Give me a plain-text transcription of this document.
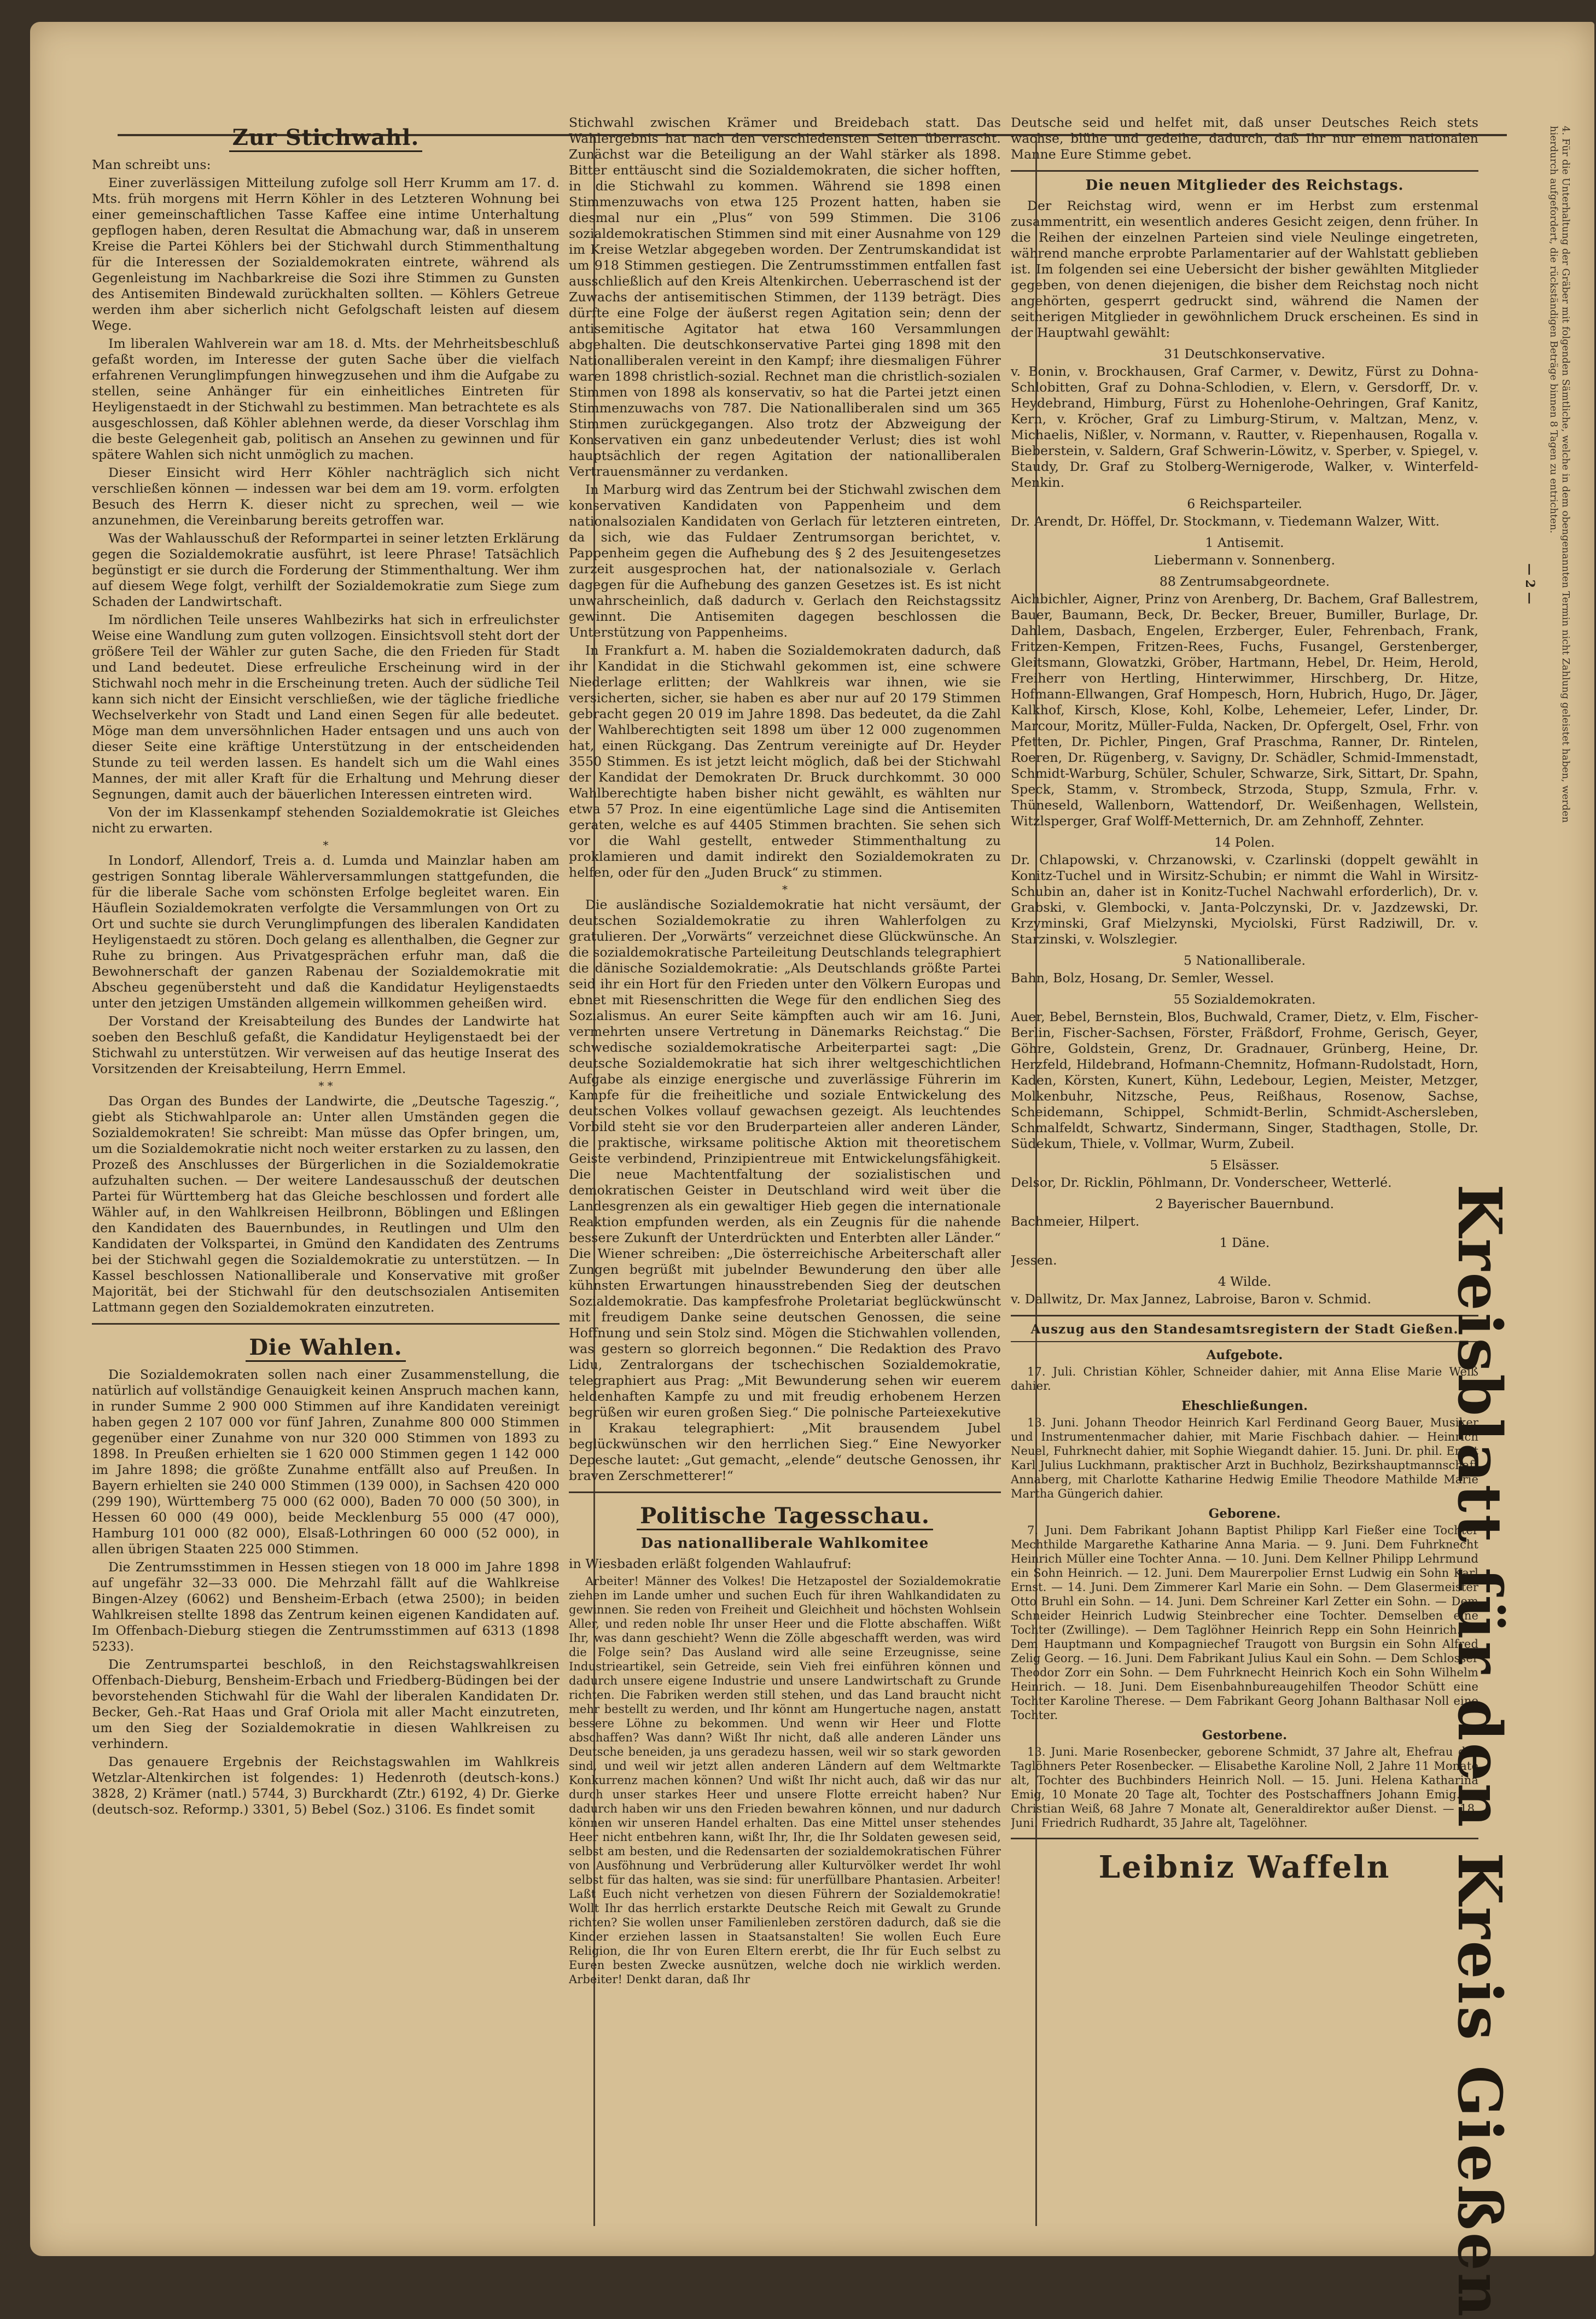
Zur Stichwahl.

Man schreibt uns:

Einer zuverlässigen Mitteilung zufolge soll Herr Krumm am 17. d. Mts. früh morgens mit Herrn Köhler in des Letzteren Wohnung bei einer gemeinschaftlichen Tasse Kaffee eine intime Unterhaltung gepflogen haben, deren Resultat die Abmachung war, daß in unserem Kreise die Partei Köhlers bei der Stichwahl durch Stimmenthaltung für die Interessen der Sozialdemokraten eintrete, während als Gegenleistung im Nachbarkreise die Sozi ihre Stimmen zu Gunsten des Antisemiten Bindewald zurückhalten sollten. — Köhlers Getreue werden ihm aber sicherlich nicht Gefolgschaft leisten auf diesem Wege.

Im liberalen Wahlverein war am 18. d. Mts. der Mehrheitsbeschluß gefaßt worden, im Interesse der guten Sache über die vielfach erfahrenen Verunglimpfungen hinwegzusehen und ihm die Aufgabe zu stellen, seine Anhänger für ein einheitliches Eintreten für Heyligenstaedt in der Stichwahl zu bestimmen. Man betrachtete es als ausgeschlossen, daß Köhler ablehnen werde, da dieser Vorschlag ihm die beste Gelegenheit gab, politisch an Ansehen zu gewinnen und für spätere Wahlen sich nicht unmöglich zu machen.

Dieser Einsicht wird Herr Köhler nachträglich sich nicht verschließen können — indessen war bei dem am 19. vorm. erfolgten Besuch des Herrn K. dieser nicht zu sprechen, weil — wie anzunehmen, die Vereinbarung bereits getroffen war.

Was der Wahlausschuß der Reformpartei in seiner letzten Erklärung gegen die Sozialdemokratie ausführt, ist leere Phrase! Tatsächlich begünstigt er sie durch die Forderung der Stimmenthaltung. Wer ihm auf diesem Wege folgt, verhilft der Sozialdemokratie zum Siege zum Schaden der Landwirtschaft.

Im nördlichen Teile unseres Wahlbezirks hat sich in erfreulichster Weise eine Wandlung zum guten vollzogen. Einsichtsvoll steht dort der größere Teil der Wähler zur guten Sache, die den Frieden für Stadt und Land bedeutet. Diese erfreuliche Erscheinung wird in der Stichwahl noch mehr in die Erscheinung treten. Auch der südliche Teil kann sich nicht der Einsicht verschließen, wie der tägliche friedliche Wechselverkehr von Stadt und Land einen Segen für alle bedeutet. Möge man dem unversöhnlichen Hader entsagen und uns auch von dieser Seite eine kräftige Unterstützung in der entscheidenden Stunde zu teil werden lassen. Es handelt sich um die Wahl eines Mannes, der mit aller Kraft für die Erhaltung und Mehrung dieser Segnungen, damit auch der bäuerlichen Interessen eintreten wird.

Von der im Klassenkampf stehenden Sozialdemokratie ist Gleiches nicht zu erwarten.

*

In Londorf, Allendorf, Treis a. d. Lumda und Mainzlar haben am gestrigen Sonntag liberale Wählerversammlungen stattgefunden, die für die liberale Sache vom schönsten Erfolge begleitet waren. Ein Häuflein Sozialdemokraten verfolgte die Versammlungen von Ort zu Ort und suchte sie durch Verunglimpfungen des liberalen Kandidaten Heyligenstaedt zu stören. Doch gelang es allenthalben, die Gegner zur Ruhe zu bringen. Aus Privatgesprächen erfuhr man, daß die Bewohnerschaft der ganzen Rabenau der Sozialdemokratie mit Abscheu gegenübersteht und daß die Kandidatur Heyligenstaedts unter den jetzigen Umständen allgemein willkommen geheißen wird.

Der Vorstand der Kreisabteilung des Bundes der Landwirte hat soeben den Beschluß gefaßt, die Kandidatur Heyligenstaedt bei der Stichwahl zu unterstützen. Wir verweisen auf das heutige Inserat des Vorsitzenden der Kreisabteilung, Herrn Emmel.

* *

Das Organ des Bundes der Landwirte, die „Deutsche Tageszig.“, giebt als Stichwahlparole an: Unter allen Umständen gegen die Sozialdemokraten! Sie schreibt: Man müsse das Opfer bringen, um, um die Sozialdemokratie nicht noch weiter erstarken zu zu lassen, den Prozeß des Anschlusses der Bürgerlichen in die Sozialdemokratie aufzuhalten suchen. — Der weitere Landesausschuß der deutschen Partei für Württemberg hat das Gleiche beschlossen und fordert alle Wähler auf, in den Wahlkreisen Heilbronn, Böblingen und Eßlingen den Kandidaten des Bauernbundes, in Reutlingen und Ulm den Kandidaten der Volkspartei, in Gmünd den Kandidaten des Zentrums bei der Stichwahl gegen die Sozialdemokratie zu unterstützen. — In Kassel beschlossen Nationalliberale und Konservative mit großer Majorität, bei der Stichwahl für den deutschsozialen Antisemiten Lattmann gegen den Sozialdemokraten einzutreten.

Die Wahlen.

Die Sozialdemokraten sollen nach einer Zusammenstellung, die natürlich auf vollständige Genauigkeit keinen Anspruch machen kann, in runder Summe 2 900 000 Stimmen auf ihre Kandidaten vereinigt haben gegen 2 107 000 vor fünf Jahren, Zunahme 800 000 Stimmen gegenüber einer Zunahme von nur 320 000 Stimmen von 1893 zu 1898. In Preußen erhielten sie 1 620 000 Stimmen gegen 1 142 000 im Jahre 1898; die größte Zunahme entfällt also auf Preußen. In Bayern erhielten sie 240 000 Stimmen (139 000), in Sachsen 420 000 (299 190), Württemberg 75 000 (62 000), Baden 70 000 (50 300), in Hessen 60 000 (49 000), beide Mecklenburg 55 000 (47 000), Hamburg 101 000 (82 000), Elsaß-Lothringen 60 000 (52 000), in allen übrigen Staaten 225 000 Stimmen.

Die Zentrumsstimmen in Hessen stiegen von 18 000 im Jahre 1898 auf ungefähr 32—33 000. Die Mehrzahl fällt auf die Wahlkreise Bingen-Alzey (6062) und Bensheim-Erbach (etwa 2500); in beiden Wahlkreisen stellte 1898 das Zentrum keinen eigenen Kandidaten auf. Im Offenbach-Dieburg stiegen die Zentrumsstimmen auf 6313 (1898 5233).

Die Zentrumspartei beschloß, in den Reichstagswahlkreisen Offenbach-Dieburg, Bensheim-Erbach und Friedberg-Büdingen bei der bevorstehenden Stichwahl für die Wahl der liberalen Kandidaten Dr. Becker, Geh.-Rat Haas und Graf Oriola mit aller Macht einzutreten, um den Sieg der Sozialdemokratie in diesen Wahlkreisen zu verhindern.

Das genauere Ergebnis der Reichstagswahlen im Wahlkreis Wetzlar-Altenkirchen ist folgendes: 1) Hedenroth (deutsch-kons.) 3828, 2) Krämer (natl.) 5744, 3) Burckhardt (Ztr.) 6192, 4) Dr. Gierke (deutsch-soz. Reformp.) 3301, 5) Bebel (Soz.) 3106. Es findet somit

Stichwahl zwischen Krämer und Breidebach statt. Das Wahlergebnis hat nach den verschiedensten Seiten überrascht. Zunächst war die Beteiligung an der Wahl stärker als 1898. Bitter enttäuscht sind die Sozialdemokraten, die sicher hofften, in die Stichwahl zu kommen. Während sie 1898 einen Stimmenzuwachs von etwa 125 Prozent hatten, haben sie diesmal nur ein „Plus“ von 599 Stimmen. Die 3106 sozialdemokratischen Stimmen sind mit einer Ausnahme von 129 im Kreise Wetzlar abgegeben worden. Der Zentrumskandidat ist um 918 Stimmen gestiegen. Die Zentrumsstimmen entfallen fast ausschließlich auf den Kreis Altenkirchen. Ueberraschend ist der Zuwachs der antisemitischen Stimmen, der 1139 beträgt. Dies dürfte eine Folge der äußerst regen Agitation sein; denn der antisemitische Agitator hat etwa 160 Versammlungen abgehalten. Die deutschkonservative Partei ging 1898 mit den Nationalliberalen vereint in den Kampf; ihre diesmaligen Führer waren 1898 christlich-sozial. Rechnet man die christlich-sozialen Stimmen von 1898 als konservativ, so hat die Partei jetzt einen Stimmenzuwachs von 787. Die Nationalliberalen sind um 365 Stimmen zurückgegangen. Also trotz der Abzweigung der Konservativen ein ganz unbedeutender Verlust; dies ist wohl hauptsächlich der regen Agitation der nationalliberalen Vertrauensmänner zu verdanken.

In Marburg wird das Zentrum bei der Stichwahl zwischen dem konservativen Kandidaten von Pappenheim und dem nationalsozialen Kandidaten von Gerlach für letzteren eintreten, da sich, wie das Fuldaer Zentrumsorgan berichtet, v. Pappenheim gegen die Aufhebung des § 2 des Jesuitengesetzes zurzeit ausgesprochen hat, der nationalsoziale v. Gerlach dagegen für die Aufhebung des ganzen Gesetzes ist. Es ist nicht unwahrscheinlich, daß dadurch v. Gerlach den Reichstagssitz gewinnt. Die Antisemiten dagegen beschlossen die Unterstützung von Pappenheims.

In Frankfurt a. M. haben die Sozialdemokraten dadurch, daß ihr Kandidat in die Stichwahl gekommen ist, eine schwere Niederlage erlitten; der Wahlkreis war ihnen, wie sie versicherten, sicher, sie haben es aber nur auf 20 179 Stimmen gebracht gegen 20 019 im Jahre 1898. Das bedeutet, da die Zahl der Wahlberechtigten seit 1898 um über 12 000 zugenommen hat, einen Rückgang. Das Zentrum vereinigte auf Dr. Heyder 3550 Stimmen. Es ist jetzt leicht möglich, daß bei der Stichwahl der Kandidat der Demokraten Dr. Bruck durchkommt. 30 000 Wahlberechtigte haben bisher nicht gewählt, es wählten nur etwa 57 Proz. In eine eigentümliche Lage sind die Antisemiten geraten, welche es auf 4405 Stimmen brachten. Sie sehen sich vor die Wahl gestellt, entweder Stimmenthaltung zu proklamieren und damit indirekt den Sozialdemokraten zu helfen, oder für den „Juden Bruck“ zu stimmen.

*

Die ausländische Sozialdemokratie hat nicht versäumt, der deutschen Sozialdemokratie zu ihren Wahlerfolgen zu gratulieren. Der „Vorwärts“ verzeichnet diese Glückwünsche. An die sozialdemokratische Parteileitung Deutschlands telegraphiert die dänische Sozialdemokratie: „Als Deutschlands größte Partei seid ihr ein Hort für den Frieden unter den Völkern Europas und ebnet mit Riesenschritten die Wege für den endlichen Sieg des Sozialismus. An eurer Seite kämpften auch wir am 16. Juni, vermehrten unsere Vertretung in Dänemarks Reichstag.“ Die schwedische sozialdemokratische Arbeiterpartei sagt: „Die deutsche Sozialdemokratie hat sich ihrer weltgeschichtlichen Aufgabe als einzige energische und zuverlässige Führerin im Kampfe für die freiheitliche und soziale Entwickelung des deutschen Volkes vollauf gewachsen gezeigt. Als leuchtendes Vorbild steht sie vor den Bruderparteien aller anderen Länder, die praktische, wirksame politische Aktion mit theoretischem Geiste verbindend, Prinzipientreue mit Entwickelungsfähigkeit. Die neue Machtentfaltung der sozialistischen und demokratischen Geister in Deutschland wird weit über die Landesgrenzen als ein gewaltiger Hieb gegen die internationale Reaktion empfunden werden, als ein Zeugnis für die nahende bessere Zukunft der Unterdrückten und Enterbten aller Länder.“ Die Wiener schreiben: „Die österreichische Arbeiterschaft aller Zungen begrüßt mit jubelnder Bewunderung den über alle kühnsten Erwartungen hinausstrebenden Sieg der deutschen Sozialdemokratie. Das kampfesfrohe Proletariat beglückwünscht mit freudigem Danke seine deutschen Genossen, die seine Hoffnung und sein Stolz sind. Mögen die Stichwahlen vollenden, was gestern so glorreich begonnen.“ Die Redaktion des Pravo Lidu, Zentralorgans der tschechischen Sozialdemokratie, telegraphiert aus Prag: „Mit Bewunderung sehen wir euerem heldenhaften Kampfe zu und mit freudig erhobenem Herzen begrüßen wir euren großen Sieg.“ Die polnische Parteiexekutive in Krakau telegraphiert: „Mit brausendem Jubel beglückwünschen wir den herrlichen Sieg.“ Eine Newyorker Depesche lautet: „Gut gemacht, „elende“ deutsche Genossen, ihr braven Zerschmetterer!“

Politische Tagesschau.
Das nationalliberale Wahlkomitee

in Wiesbaden erläßt folgenden Wahlaufruf:

Arbeiter! Männer des Volkes! Die Hetzapostel der Sozialdemokratie ziehen im Lande umher und suchen Euch für ihren Wahlkandidaten zu gewinnen. Sie reden von Freiheit und Gleichheit und höchsten Wohlsein Aller, und reden noble Ihr unser Heer und die Flotte abschaffen. Wißt Ihr, was dann geschieht? Wenn die Zölle abgeschafft werden, was wird die Folge sein? Das Ausland wird alle seine Erzeugnisse, seine Industrieartikel, sein Getreide, sein Vieh frei einführen können und dadurch unsere eigene Industrie und unsere Landwirtschaft zu Grunde richten. Die Fabriken werden still stehen, und das Land braucht nicht mehr bestellt zu werden, und Ihr könnt am Hungertuche nagen, anstatt bessere Löhne zu bekommen. Und wenn wir Heer und Flotte abschaffen? Was dann? Wißt Ihr nicht, daß alle anderen Länder uns Deutsche beneiden, ja uns geradezu hassen, weil wir so stark geworden sind, und weil wir jetzt allen anderen Ländern auf dem Weltmarkte Konkurrenz machen können? Und wißt Ihr nicht auch, daß wir das nur durch unser starkes Heer und unsere Flotte erreicht haben? Nur dadurch haben wir uns den Frieden bewahren können, und nur dadurch können wir unseren Handel erhalten. Das eine Mittel unser stehendes Heer nicht entbehren kann, wißt Ihr, Ihr, die Ihr Soldaten gewesen seid, selbst am besten, und die Redensarten der sozialdemokratischen Führer von Ausföhnung und Verbrüderung aller Kulturvölker werdet Ihr wohl selbst für das halten, was sie sind: für unerfüllbare Phantasien. Arbeiter! Laßt Euch nicht verhetzen von diesen Führern der Sozialdemokratie! Wollt Ihr das herrlich erstarkte Deutsche Reich mit Gewalt zu Grunde richten? Sie wollen unser Familienleben zerstören dadurch, daß sie die Kinder erziehen lassen in Staatsanstalten! Sie wollen Euch Eure Religion, die Ihr von Euren Eltern ererbt, die Ihr für Euch selbst zu Euren besten Zwecke ausnützen, welche doch nie wirklich werden. Arbeiter! Denkt daran, daß Ihr

Deutsche seid und helfet mit, daß unser Deutsches Reich stets wachse, blühe und gedeihe, dadurch, daß Ihr nur einem nationalen Manne Eure Stimme gebet.

Die neuen Mitglieder des Reichstags.

Der Reichstag wird, wenn er im Herbst zum erstenmal zusammentritt, ein wesentlich anderes Gesicht zeigen, denn früher. In die Reihen der einzelnen Parteien sind viele Neulinge eingetreten, während manche erprobte Parlamentarier auf der Wahlstatt geblieben ist. Im folgenden sei eine Uebersicht der bisher gewählten Mitglieder gegeben, von denen diejenigen, die bisher dem Reichstag noch nicht angehörten, gesperrt gedruckt sind, während die Namen der seitherigen Mitglieder in gewöhnlichem Druck erscheinen. Es sind in der Hauptwahl gewählt:

31 Deutschkonservative.

v. Bonin, v. Brockhausen, Graf Carmer, v. Dewitz, Fürst zu Dohna-Schlobitten, Graf zu Dohna-Schlodien, v. Elern, v. Gersdorff, Dr. v. Heydebrand, Himburg, Fürst zu Hohenlohe-Oehringen, Graf Kanitz, Kern, v. Kröcher, Graf zu Limburg-Stirum, v. Maltzan, Menz, v. Michaelis, Nißler, v. Normann, v. Rautter, v. Riepenhausen, Rogalla v. Bieberstein, v. Saldern, Graf Schwerin-Löwitz, v. Sperber, v. Spiegel, v. Staudy, Dr. Graf zu Stolberg-Wernigerode, Walker, v. Winterfeld-Menkin.

6 Reichsparteiler.

Dr. Arendt, Dr. Höffel, Dr. Stockmann, v. Tiedemann Walzer, Witt.

1 Antisemit.

Liebermann v. Sonnenberg.

88 Zentrumsabgeordnete.

Aichbichler, Aigner, Prinz von Arenberg, Dr. Bachem, Graf Ballestrem, Bauer, Baumann, Beck, Dr. Becker, Breuer, Bumiller, Burlage, Dr. Dahlem, Dasbach, Engelen, Erzberger, Euler, Fehrenbach, Frank, Fritzen-Kempen, Fritzen-Rees, Fuchs, Fusangel, Gerstenberger, Gleitsmann, Glowatzki, Gröber, Hartmann, Hebel, Dr. Heim, Herold, Freiherr von Hertling, Hinterwimmer, Hirschberg, Dr. Hitze, Hofmann-Ellwangen, Graf Hompesch, Horn, Hubrich, Hugo, Dr. Jäger, Kalkhof, Kirsch, Klose, Kohl, Kolbe, Lehemeier, Lefer, Linder, Dr. Marcour, Moritz, Müller-Fulda, Nacken, Dr. Opfergelt, Osel, Frhr. von Pfetten, Dr. Pichler, Pingen, Graf Praschma, Ranner, Dr. Rintelen, Roeren, Dr. Rügenberg, v. Savigny, Dr. Schädler, Schmid-Immenstadt, Schmidt-Warburg, Schüler, Schuler, Schwarze, Sirk, Sittart, Dr. Spahn, Speck, Stamm, v. Strombeck, Strzoda, Stupp, Szmula, Frhr. v. Thüneseld, Wallenborn, Wattendorf, Dr. Weißenhagen, Wellstein, Witzlsperger, Graf Wolff-Metternich, Dr. am Zehnhoff, Zehnter.

14 Polen.

Dr. Chlapowski, v. Chrzanowski, v. Czarlinski (doppelt gewählt in Konitz-Tuchel und in Wirsitz-Schubin; er nimmt die Wahl in Wirsitz-Schubin an, daher ist in Konitz-Tuchel Nachwahl erforderlich), Dr. v. Grabski, v. Glembocki, v. Janta-Polczynski, Dr. v. Jazdzewski, Dr. Krzyminski, Graf Mielzynski, Myciolski, Fürst Radziwill, Dr. v. Starzinski, v. Wolszlegier.

5 Nationalliberale.

Bahn, Bolz, Hosang, Dr. Semler, Wessel.

55 Sozialdemokraten.

Auer, Bebel, Bernstein, Blos, Buchwald, Cramer, Dietz, v. Elm, Fischer-Berlin, Fischer-Sachsen, Förster, Fräßdorf, Frohme, Gerisch, Geyer, Göhre, Goldstein, Grenz, Dr. Gradnauer, Grünberg, Heine, Dr. Herzfeld, Hildebrand, Hofmann-Chemnitz, Hofmann-Rudolstadt, Horn, Kaden, Körsten, Kunert, Kühn, Ledebour, Legien, Meister, Metzger, Molkenbuhr, Nitzsche, Peus, Reißhaus, Rosenow, Sachse, Scheidemann, Schippel, Schmidt-Berlin, Schmidt-Aschersleben, Schmalfeldt, Schwartz, Sindermann, Singer, Stadthagen, Stolle, Dr. Südekum, Thiele, v. Vollmar, Wurm, Zubeil.

5 Elsässer.

Delsor, Dr. Ricklin, Pöhlmann, Dr. Vonderscheer, Wetterlé.

2 Bayerischer Bauernbund.

Bachmeier, Hilpert.

1 Däne.

Jessen.

4 Wilde.

v. Dallwitz, Dr. Max Jannez, Labroise, Baron v. Schmid.

Auszug aus den Standesamtsregistern der Stadt Gießen.
Aufgebote.

17. Juli. Christian Köhler, Schneider dahier, mit Anna Elise Marie Weiß dahier.

Eheschließungen.

13. Juni. Johann Theodor Heinrich Karl Ferdinand Georg Bauer, Musiker und Instrumentenmacher dahier, mit Marie Fischbach dahier. — Heinrich Neuel, Fuhrknecht dahier, mit Sophie Wiegandt dahier. 15. Juni. Dr. phil. Ernst Karl Julius Luckhmann, praktischer Arzt in Buchholz, Bezirkshauptmannschaft Annaberg, mit Charlotte Katharine Hedwig Emilie Theodore Mathilde Marie Martha Güngerich dahier.

Geborene.

7. Juni. Dem Fabrikant Johann Baptist Philipp Karl Fießer eine Tochter Mechthilde Margarethe Katharine Anna Maria. — 9. Juni. Dem Fuhrknecht Heinrich Müller eine Tochter Anna. — 10. Juni. Dem Kellner Philipp Lehrmund ein Sohn Heinrich. — 12. Juni. Dem Maurerpolier Ernst Ludwig ein Sohn Karl Ernst. — 14. Juni. Dem Zimmerer Karl Marie ein Sohn. — Dem Glasermeister Otto Bruhl ein Sohn. — 14. Juni. Dem Schreiner Karl Zetter ein Sohn. — Dem Schneider Heinrich Ludwig Steinbrecher eine Tochter. Demselben eine Tochter (Zwillinge). — Dem Taglöhner Heinrich Repp ein Sohn Heinrich. — Dem Hauptmann und Kompagniechef Traugott von Burgsin ein Sohn Alfred Zelig Georg. — 16. Juni. Dem Fabrikant Julius Kaul ein Sohn. — Dem Schlosser Theodor Zorr ein Sohn. — Dem Fuhrknecht Heinrich Koch ein Sohn Wilhelm Heinrich. — 18. Juni. Dem Eisenbahnbureaugehilfen Theodor Schütt eine Tochter Karoline Therese. — Dem Fabrikant Georg Johann Balthasar Noll eine Tochter.

Gestorbene.

13. Juni. Marie Rosenbecker, geborene Schmidt, 37 Jahre alt, Ehefrau des Taglöhners Peter Rosenbecker. — Elisabethe Karoline Noll, 2 Jahre 11 Monate alt, Tochter des Buchbinders Heinrich Noll. — 15. Juni. Helena Katharina Emig, 10 Monate 20 Tage alt, Tochter des Postschaffners Johann Emig. — Christian Weiß, 68 Jahre 7 Monate alt, Generaldirektor außer Dienst. — 18. Juni. Friedrich Rudhardt, 35 Jahre alt, Tagelöhner.

Leibniz Waffeln
4. Für die Unterhaltung der Gräber mit folgenden Sämtliche, welche in dem obengenannten Termin nicht Zahlung geleistet haben, werden hierdurch aufgefordert, die rückständigen Beträge binnen 8 Tagen zu entrichten.
— 2 —
Kreisblatt für den Kreis Gießen
